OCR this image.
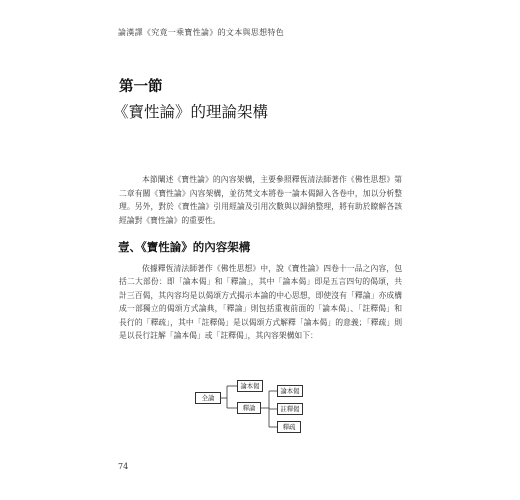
論漢譯《究竟一乘寶性論》的文本與思想特色
第一節
《寶性論》的理論架構

本節闡述《寶性論》的內容架構，主要參照釋恆清法師著作《佛性思想》第二章有關《寶性論》內容架構，並彷梵文本將卷一論本偈歸入各卷中，加以分析整理。另外，對於《寶性論》引用經論及引用次數與以歸納整理，將有助於瞭解各該經論對《寶性論》的重要性。

壹、《寶性論》的內容架構

依據釋恆清法師著作《佛性思想》中，說《寶性論》四卷十一品之內容，包括二大部份：即「論本偈」和「釋論」，其中「論本偈」即是五言四句的偈頌，共計三百偈，其內容均是以偈頌方式揭示本論的中心思想，即使沒有「釋論」亦成構成一部獨立的偈頌方式論典，「釋論」則包括重複前面的「論本偈」、「註釋偈」和長行的「釋疏」，其中「註釋偈」是以偈頌方式解釋「論本偈」的意義；「釋疏」則是以長行註解「論本偈」或「註釋偈」，其內容架構如下：

全論
論本偈
釋論
論本偈
註釋偈
釋疏
74
